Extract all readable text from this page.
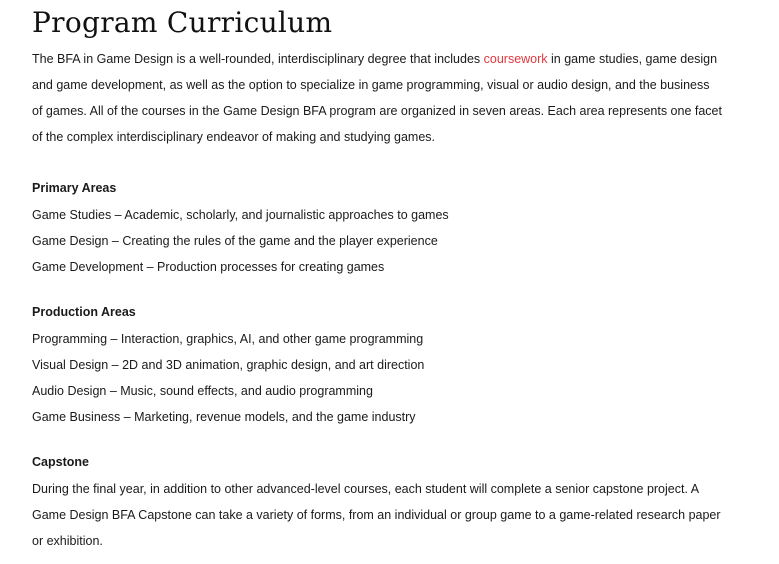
Program Curriculum

The BFA in Game Design is a well-rounded, interdisciplinary degree that includes coursework in game studies, game design and game development, as well as the option to specialize in game programming, visual or audio design, and the business of games. All of the courses in the Game Design BFA program are organized in seven areas. Each area represents one facet of the complex interdisciplinary endeavor of making and studying games.

Primary Areas

Game Studies – Academic, scholarly, and journalistic approaches to games

Game Design – Creating the rules of the game and the player experience

Game Development – Production processes for creating games

Production Areas

Programming – Interaction, graphics, AI, and other game programming

Visual Design – 2D and 3D animation, graphic design, and art direction

Audio Design – Music, sound effects, and audio programming

Game Business – Marketing, revenue models, and the game industry

Capstone

During the final year, in addition to other advanced-level courses, each student will complete a senior capstone project. A Game Design BFA Capstone can take a variety of forms, from an individual or group game to a game-related research paper or exhibition.
